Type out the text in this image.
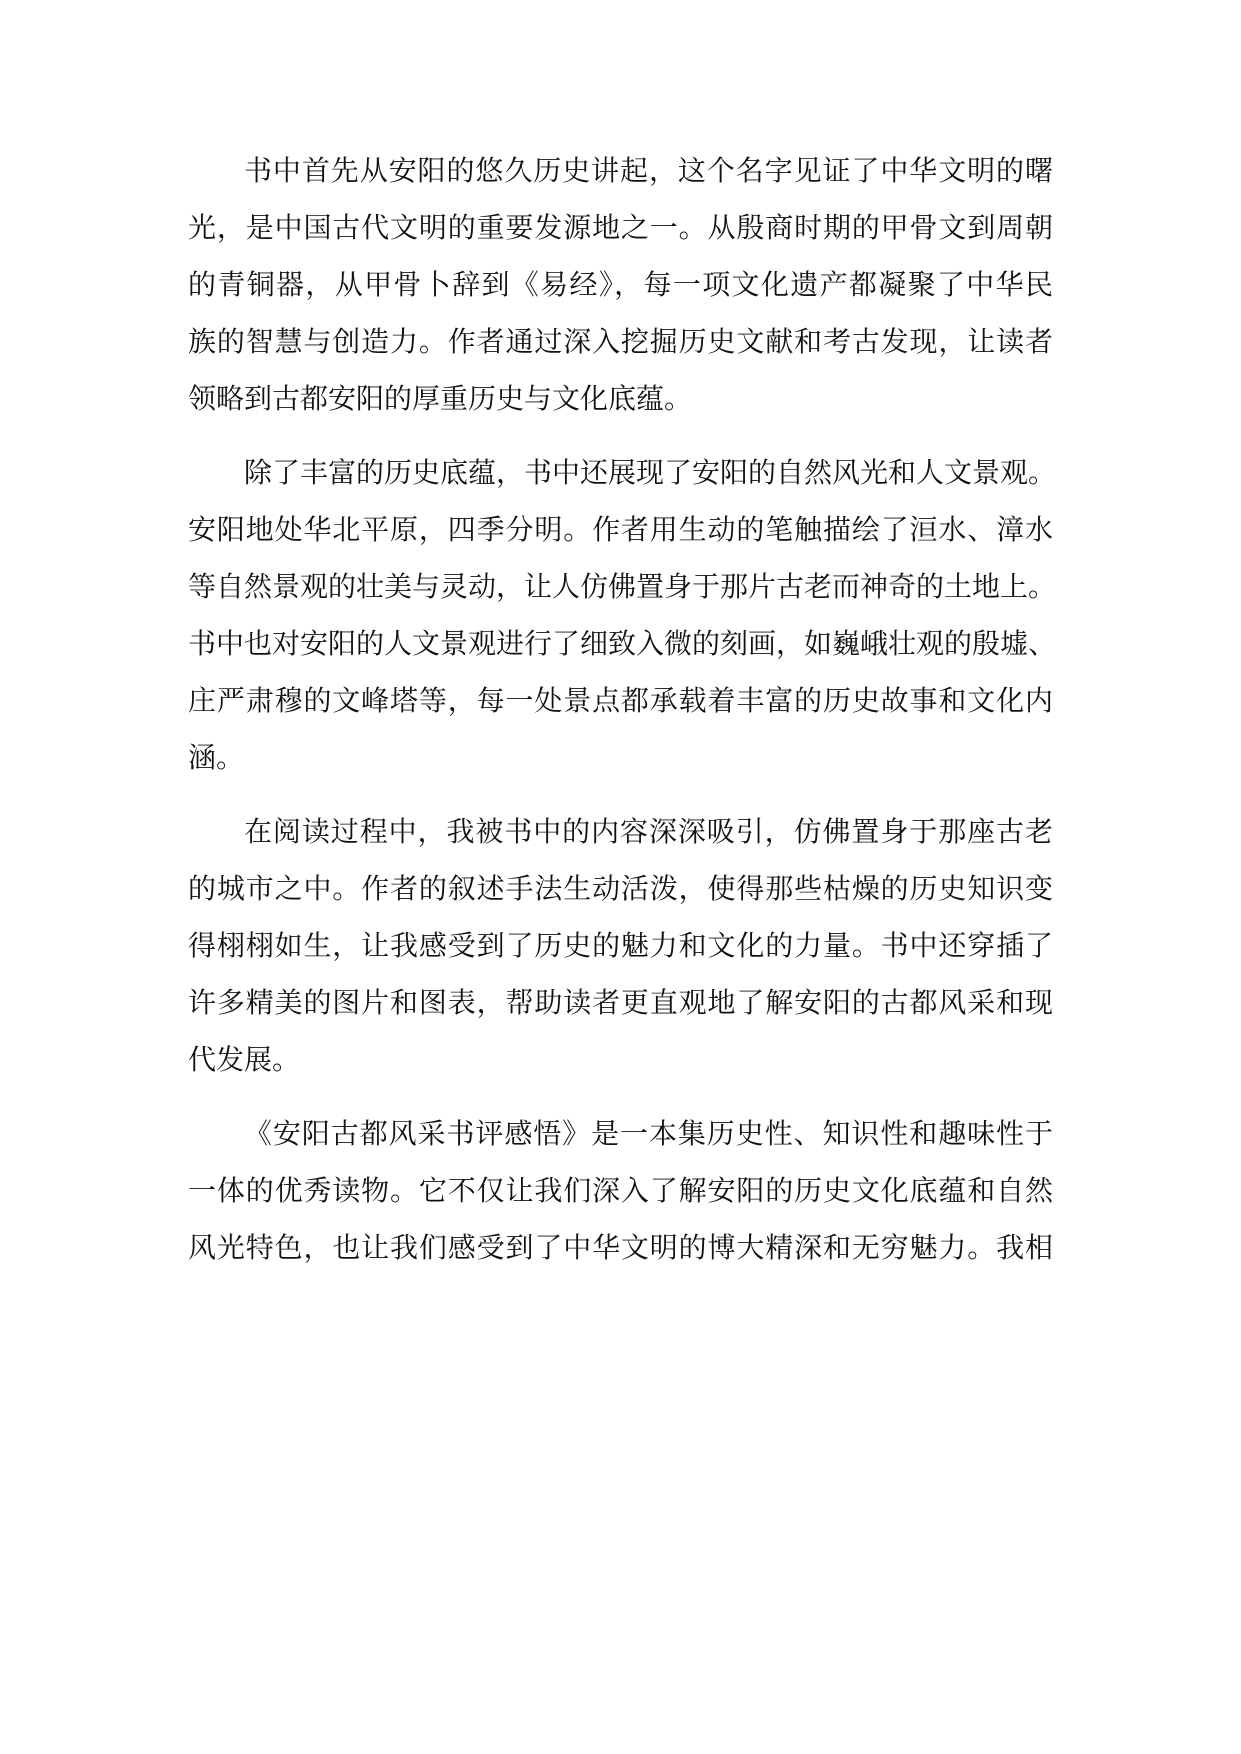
书中首先从安阳的悠久历史讲起，这个名字见证了中华文明的曙
光，是中国古代文明的重要发源地之一。从殷商时期的甲骨文到周朝
的青铜器，从甲骨卜辞到《易经》，每一项文化遗产都凝聚了中华民
族的智慧与创造力。作者通过深入挖掘历史文献和考古发现，让读者
领略到古都安阳的厚重历史与文化底蕴。
除了丰富的历史底蕴，书中还展现了安阳的自然风光和人文景观。
安阳地处华北平原，四季分明。作者用生动的笔触描绘了洹水、漳水
等自然景观的壮美与灵动，让人仿佛置身于那片古老而神奇的土地上。
书中也对安阳的人文景观进行了细致入微的刻画，如巍峨壮观的殷墟、
庄严肃穆的文峰塔等，每一处景点都承载着丰富的历史故事和文化内
涵。
在阅读过程中，我被书中的内容深深吸引，仿佛置身于那座古老
的城市之中。作者的叙述手法生动活泼，使得那些枯燥的历史知识变
得栩栩如生，让我感受到了历史的魅力和文化的力量。书中还穿插了
许多精美的图片和图表，帮助读者更直观地了解安阳的古都风采和现
代发展。
《安阳古都风采书评感悟》是一本集历史性、知识性和趣味性于
一体的优秀读物。它不仅让我们深入了解安阳的历史文化底蕴和自然
风光特色，也让我们感受到了中华文明的博大精深和无穷魅力。我相
